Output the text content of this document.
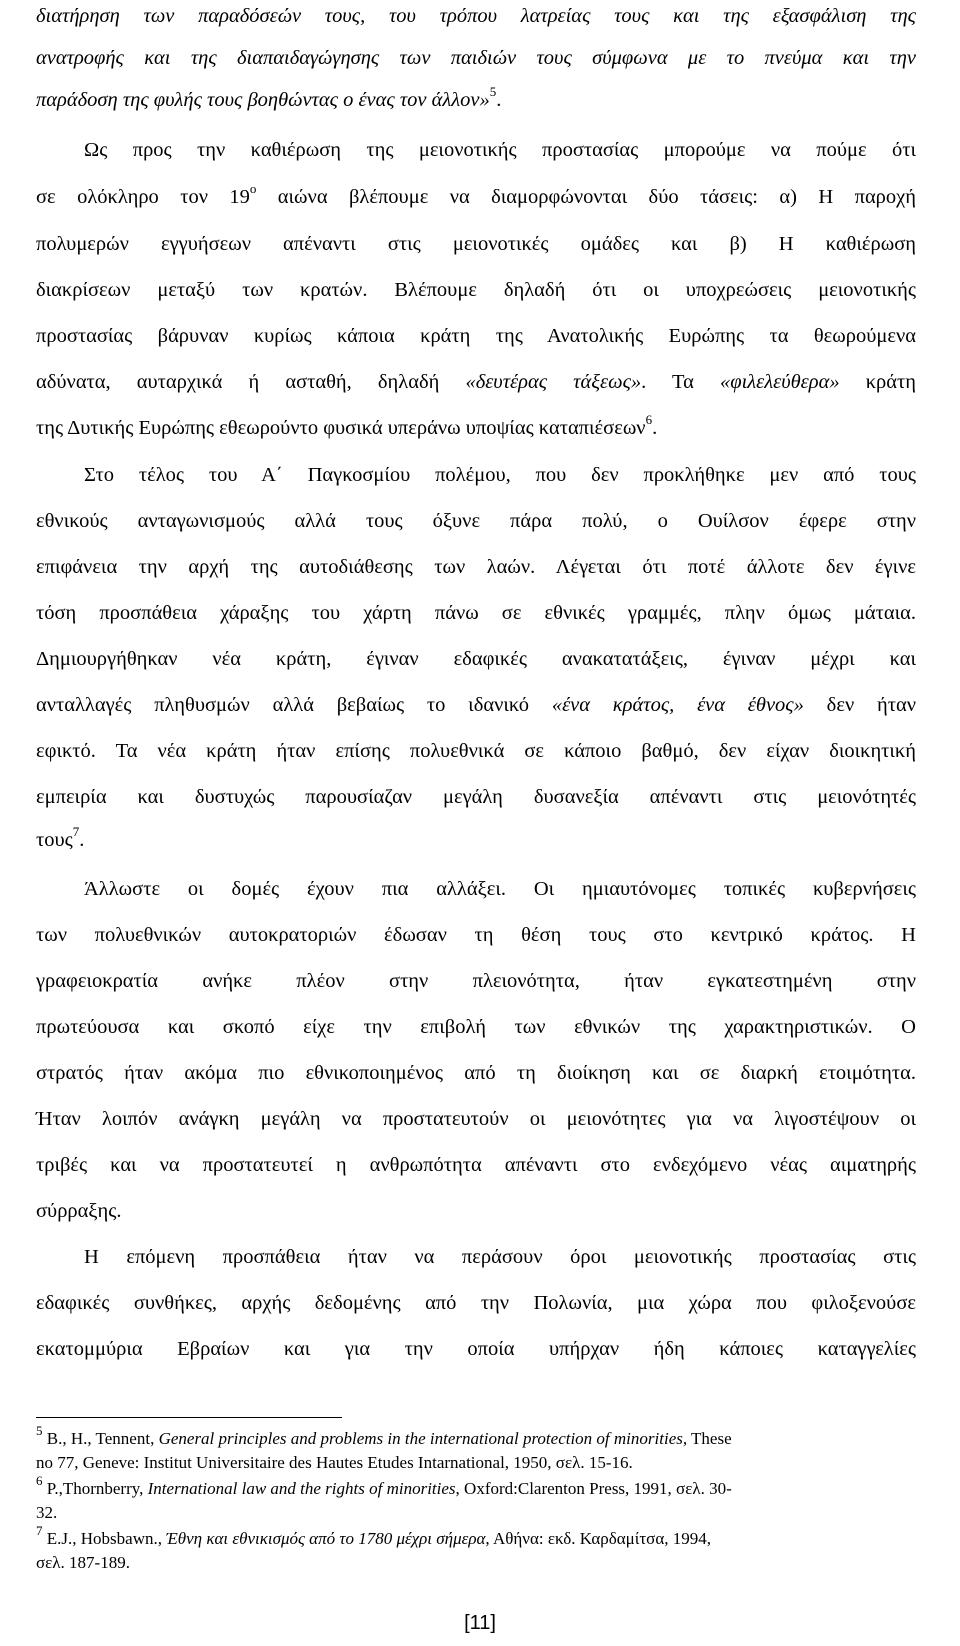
διατήρηση των παραδόσεών τους, του τρόπου λατρείας τους και της εξασφάλιση της
ανατροφής και της διαπαιδαγώγησης των παιδιών τους σύμφωνα με το πνεύμα και την
παράδοση της φυλής τους βοηθώντας ο ένας τον άλλον»$^5$.
Ως προς την καθιέρωση της μειονοτικής προστασίας μπορούμε να πούμε ότι
σε ολόκληρο τον $19^o$ αιώνα βλέπουμε να διαμορφώνονται δύο τάσεις: α) Η παροχή
πολυμερών εγγυήσεων απέναντι στις μειονοτικές ομάδες και β) Η καθιέρωση
διακρίσεων μεταξύ των κρατών. Βλέπουμε δηλαδή ότι οι υποχρεώσεις μειονοτικής
προστασίας βάρυναν κυρίως κάποια κράτη της Ανατολικής Ευρώπης τα θεωρούμενα
αδύνατα, αυταρχικά ή ασταθή, δηλαδή «δευτέρας τάξεως». Τα «φιλελεύθερα» κράτη
της Δυτικής Ευρώπης εθεωρούντο φυσικά υπεράνω υποψίας καταπιέσεων$^6$.
Στο τέλος του Α΄ Παγκοσμίου πολέμου, που δεν προκλήθηκε μεν από τους
εθνικούς ανταγωνισμούς αλλά τους όξυνε πάρα πολύ, ο Ουίλσον έφερε στην
επιφάνεια την αρχή της αυτοδιάθεσης των λαών. Λέγεται ότι ποτέ άλλοτε δεν έγινε
τόση προσπάθεια χάραξης του χάρτη πάνω σε εθνικές γραμμές, πλην όμως μάταια.
Δημιουργήθηκαν νέα κράτη, έγιναν εδαφικές ανακατατάξεις, έγιναν μέχρι και
ανταλλαγές πληθυσμών αλλά βεβαίως το ιδανικό «ένα κράτος, ένα έθνος» δεν ήταν
εφικτό. Τα νέα κράτη ήταν επίσης πολυεθνικά σε κάποιο βαθμό, δεν είχαν διοικητική
εμπειρία και δυστυχώς παρουσίαζαν μεγάλη δυσανεξία απέναντι στις μειονότητές
τους$^7$.
Άλλωστε οι δομές έχουν πια αλλάξει. Οι ημιαυτόνομες τοπικές κυβερνήσεις
των πολυεθνικών αυτοκρατοριών έδωσαν τη θέση τους στο κεντρικό κράτος. Η
γραφειοκρατία ανήκε πλέον στην πλειονότητα, ήταν εγκατεστημένη στην
πρωτεύουσα και σκοπό είχε την επιβολή των εθνικών της χαρακτηριστικών. Ο
στρατός ήταν ακόμα πιο εθνικοποιημένος από τη διοίκηση και σε διαρκή ετοιμότητα.
Ήταν λοιπόν ανάγκη μεγάλη να προστατευτούν οι μειονότητες για να λιγοστέψουν οι
τριβές και να προστατευτεί η ανθρωπότητα απέναντι στο ενδεχόμενο νέας αιματηρής
σύρραξης.
Η επόμενη προσπάθεια ήταν να περάσουν όροι μειονοτικής προστασίας στις
εδαφικές συνθήκες, αρχής δεδομένης από την Πολωνία, μια χώρα που φιλοξενούσε
εκατομμύρια Εβραίων και για την οποία υπήρχαν ήδη κάποιες καταγγελίες
$^5$ B., H., Tennent, General principles and problems in the international protection of minorities, These
no 77, Geneve: Institut Universitaire des Hautes Etudes Intarnational, 1950, σελ. 15-16.
$^6$ P.,Thornberry, International law and the rights of minorities, Oxford:Clarenton Press, 1991, σελ. 30-
32.
$^7$ E.J., Hobsbawn., Έθνη και εθνικισμός από το 1780 μέχρι σήμερα, Αθήνα: εκδ. Καρδαμίτσα, 1994,
σελ. 187-189.
[11]
